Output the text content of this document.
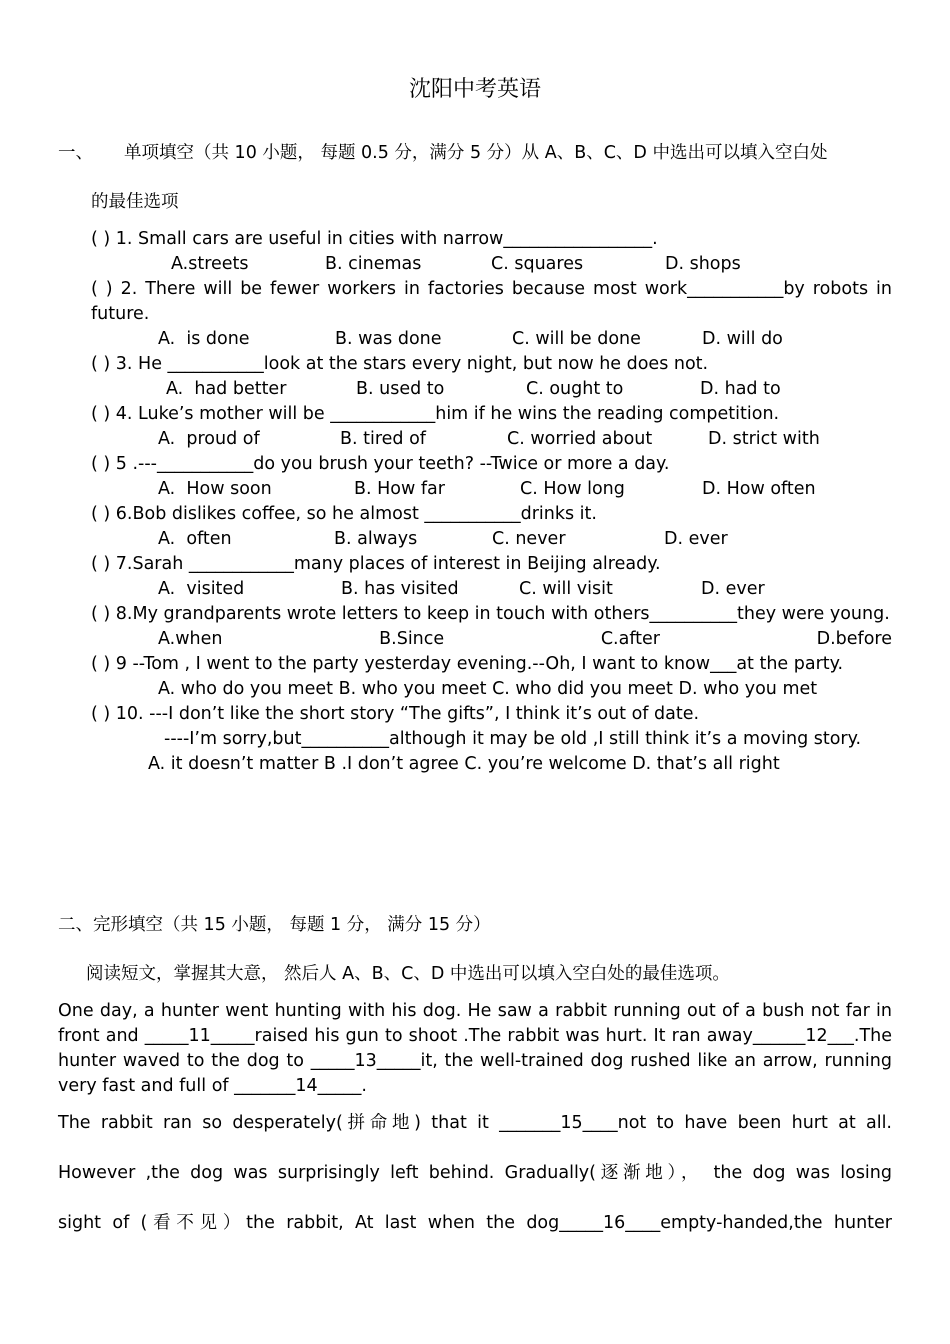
沈阳中考英语
一、 单项填空（共 10 小题， 每题 0.5 分，满分 5 分）从 A、B、C、D 中选出可以填入空白处
的最佳选项

( ) 1. Small cars are useful in cities with narrow_________________.

A.streets	B. cinemas	C. squares	D. shops

( ) 2. There will be fewer workers in factories because most work___________by robots in future.

A.  is done	B. was done	C. will be done	D. will do

( ) 3. He ___________look at the stars every night, but now he does not.

A.  had better	B. used to	C. ought to	D. had to

( ) 4. Luke’s mother will be ____________him if he wins the reading competition.

A.  proud of	B. tired of	C. worried about	D. strict with

( ) 5 .---___________do you brush your teeth? --Twice or more a day.

A.  How soon	B. How far	C. How long	D. How often

( ) 6.Bob dislikes coffee, so he almost ___________drinks it.

A.  often	B. always	C. never	D. ever

( ) 7.Sarah ____________many places of interest in Beijing already.

A.  visited	B. has visited	C. will visit	D. ever

( ) 8.My grandparents wrote letters to keep in touch with others__________they were young.

A.when	B.Since	C.after	D.before

( ) 9 --Tom , I went to the party yesterday evening.--Oh, I want to know___at the party.

A. who do you meet B. who you meet C. who did you meet D. who you met

( ) 10. ---I don’t like the short story “The gifts”, I think it’s out of date.

----I’m sorry,but__________although it may be old ,I still think it’s a moving story.

A. it doesn’t matter B .I don’t agree C. you’re welcome D. that’s all right

二、完形填空（共 15 小题， 每题 1 分， 满分 15 分）
阅读短文，掌握其大意， 然后人 A、B、C、D 中选出可以填入空白处的最佳选项。

One day, a hunter went hunting with his dog. He saw a rabbit running out of a bush not far in front and _____11_____raised his gun to shoot .The rabbit was hurt. It ran away______12___.The hunter waved to the dog to _____13_____it, the well-trained dog rushed like an arrow, running very fast and full of _______14_____.

The rabbit ran so desperately(拼命地) that it _______15____not to have been hurt at all.

However ,the dog was surprisingly left behind. Gradually(逐渐地）， the dog was losing

sight of (看不见）the rabbit, At last when the dog_____16____empty-handed,the hunter
